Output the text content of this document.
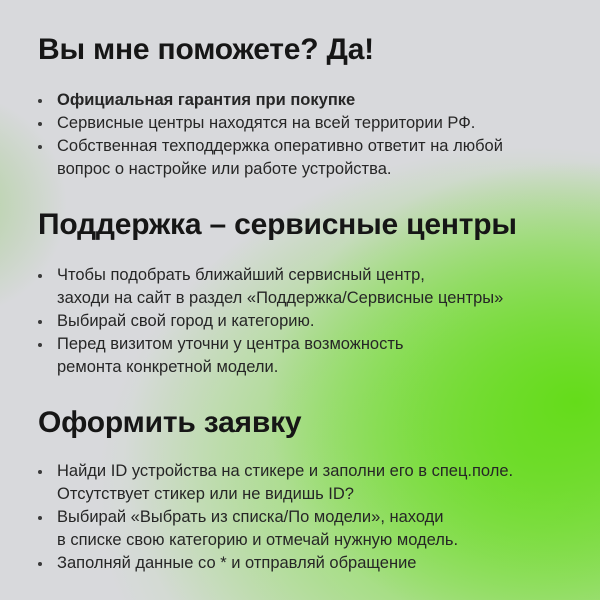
Вы мне поможете? Да!
Официальная гарантия при покупке
Сервисные центры находятся на всей территории РФ.
Собственная техподдержка оперативно ответит на любой
вопрос о настройке или работе устройства.
Поддержка – сервисные центры
Чтобы подобрать ближайший сервисный центр,
заходи на сайт в раздел «Поддержка/Сервисные центры»
Выбирай свой город и категорию.
Перед визитом уточни у центра возможность
ремонта конкретной модели.
Оформить заявку
Найди ID устройства на стикере и заполни его в спец.поле.
Отсутствует стикер или не видишь ID?
Выбирай «Выбрать из списка/По модели», находи
в списке свою категорию и отмечай нужную модель.
Заполняй данные со * и отправляй обращение
